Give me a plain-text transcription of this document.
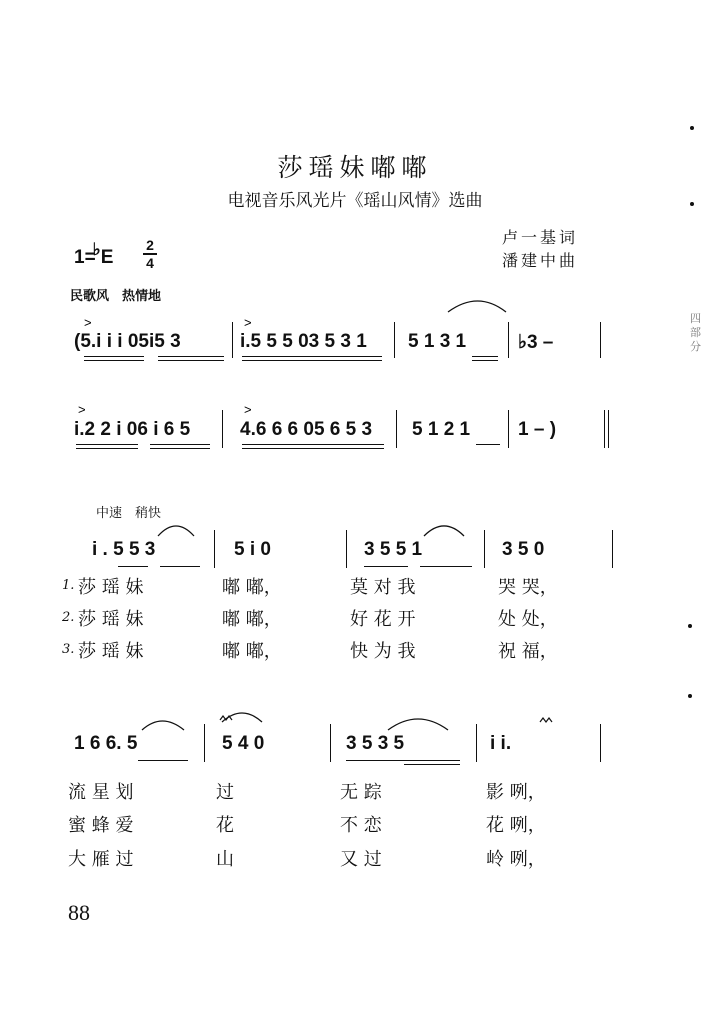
莎瑶妹嘟嘟
电视音乐风光片《瑶山风情》选曲
卢一基词
潘建中曲
1=♭E
2
4
民歌风　热情地
(5.i i i 05i5 3	i.5 5 5 03 5 3 1 5 1 3 1	♭3 –
>	>
i.2 2 i 06 i 6 5	4.6 6 6 05 6 5 3 5 1 2 1	1 – )
>	>
中速　稍快
i . 5 5 3	5 i 0	3 5 5 1	3 5 0
1.
2.
3.
莎 瑶 妹	嘟 嘟，	莫 对 我	哭 哭，
莎 瑶 妹	嘟 嘟，	好 花 开	处 处，
莎 瑶 妹	嘟 嘟，	快 为 我	祝 福，
1 6 6. 5	5 4 0	3 5 3 5	i i.
流 星 划	过	无 踪	影 咧，
蜜 蜂 爱	花	不 恋	花 咧，
大 雁 过	山	又 过	岭 咧，
88
四部分
